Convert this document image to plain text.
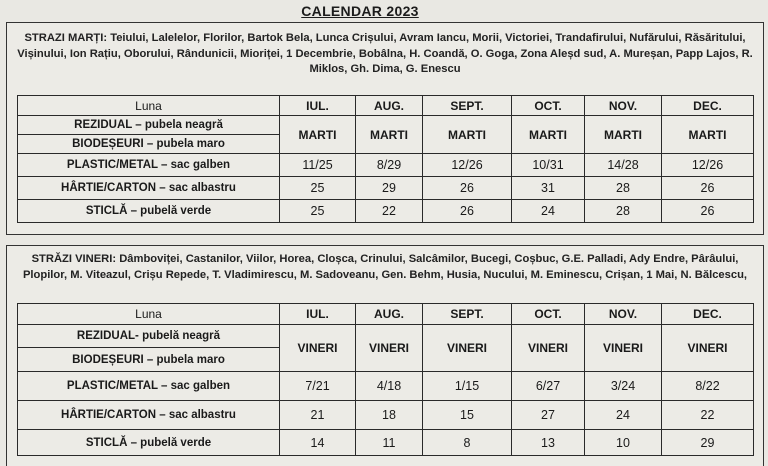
CALENDAR 2023
STRAZI MARȚI: Teiului, Lalelelor, Florilor, Bartok Bela, Lunca Crișului, Avram Iancu, Morii, Victoriei, Trandafirului, Nufărului, Răsăritului, Vișinului, Ion Rațiu, Oborului, Rândunicii, Mioriței, 1 Decembrie, Bobâlna, H. Coandă, O. Goga, Zona Aleșd sud, A. Mureșan, Papp Lajos, R. Miklos, Gh. Dima, G. Enescu
Luna	IUL.	AUG.	SEPT.	OCT.	NOV.	DEC.
REZIDUAL – pubela neagră	MARTI	MARTI	MARTI	MARTI	MARTI	MARTI
BIODEȘEURI – pubela maro						
PLASTIC/METAL – sac galben	11/25	8/29	12/26	10/31	14/28	12/26
HÂRTIE/CARTON – sac albastru	25	29	26	31	28	26
STICLĂ – pubelă verde	25	22	26	24	28	26
STRĂZI VINERI: Dâmboviței, Castanilor, Viilor, Horea, Cloșca, Crinului, Salcâmilor, Bucegi, Coșbuc, G.E. Palladi, Ady Endre, Pârâului, Plopilor, M. Viteazul, Crișu Repede, T. Vladimirescu, M. Sadoveanu, Gen. Behm, Husia, Nucului, M. Eminescu, Crișan, 1 Mai, N. Bălcescu,
Luna	IUL.	AUG.	SEPT.	OCT.	NOV.	DEC.
REZIDUAL- pubelă neagră	VINERI	VINERI	VINERI	VINERI	VINERI	VINERI
BIODEȘEURI – pubela maro						
PLASTIC/METAL – sac galben	7/21	4/18	1/15	6/27	3/24	8/22
HÂRTIE/CARTON – sac albastru	21	18	15	27	24	22
STICLĂ – pubelă verde	14	11	8	13	10	29
